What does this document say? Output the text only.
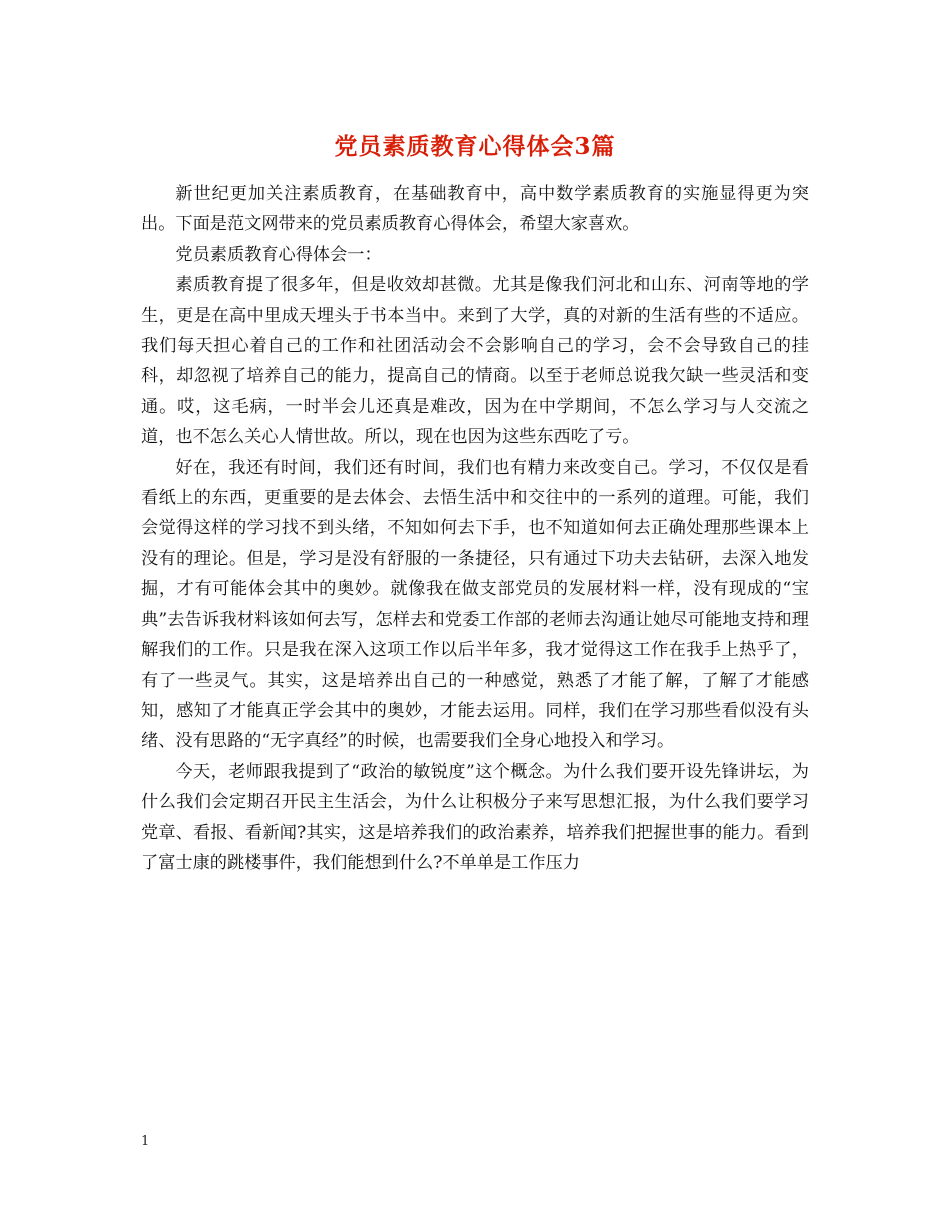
党员素质教育心得体会3篇

新世纪更加关注素质教育，在基础教育中，高中数学素质教育的实施显得更为突出。下面是范文网带来的党员素质教育心得体会，希望大家喜欢。

党员素质教育心得体会一：

素质教育提了很多年，但是收效却甚微。尤其是像我们河北和山东、河南等地的学生，更是在高中里成天埋头于书本当中。来到了大学，真的对新的生活有些的不适应。我们每天担心着自己的工作和社团活动会不会影响自己的学习，会不会导致自己的挂科，却忽视了培养自己的能力，提高自己的情商。以至于老师总说我欠缺一些灵活和变通。哎，这毛病，一时半会儿还真是难改，因为在中学期间，不怎么学习与人交流之道，也不怎么关心人情世故。所以，现在也因为这些东西吃了亏。

好在，我还有时间，我们还有时间，我们也有精力来改变自己。学习，不仅仅是看看纸上的东西，更重要的是去体会、去悟生活中和交往中的一系列的道理。可能，我们会觉得这样的学习找不到头绪，不知如何去下手，也不知道如何去正确处理那些课本上没有的理论。但是，学习是没有舒服的一条捷径，只有通过下功夫去钻研，去深入地发掘，才有可能体会其中的奥妙。就像我在做支部党员的发展材料一样，没有现成的“宝典”去告诉我材料该如何去写，怎样去和党委工作部的老师去沟通让她尽可能地支持和理解我们的工作。只是我在深入这项工作以后半年多，我才觉得这工作在我手上热乎了，有了一些灵气。其实，这是培养出自己的一种感觉，熟悉了才能了解，了解了才能感知，感知了才能真正学会其中的奥妙，才能去运用。同样，我们在学习那些看似没有头绪、没有思路的“无字真经”的时候，也需要我们全身心地投入和学习。

今天，老师跟我提到了“政治的敏锐度”这个概念。为什么我们要开设先锋讲坛，为什么我们会定期召开民主生活会，为什么让积极分子来写思想汇报，为什么我们要学习党章、看报、看新闻?其实，这是培养我们的政治素养，培养我们把握世事的能力。看到了富士康的跳楼事件，我们能想到什么?不单单是工作压力

1
